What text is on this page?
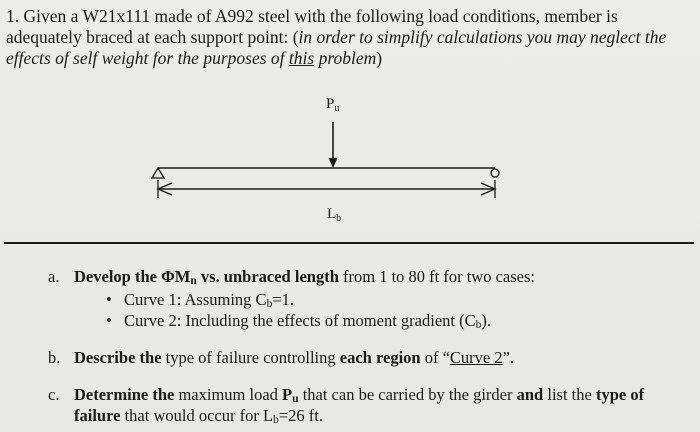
1. Given a W21x111 made of A992 steel with the following load conditions, member is adequately braced at each support point: (in order to simplify calculations you may neglect the effects of self weight for the purposes of this problem)
$P_u$
$L_b$
a. Develop the $\Phi M_n$ vs. unbraced length from 1 to 80 ft for two cases:
• Curve 1: Assuming $C_b=1$.
• Curve 2: Including the effects of moment gradient $(C_b)$.
b. Describe the type of failure controlling each region of “Curve 2”.
c. Determine the maximum load $P_u$ that can be carried by the girder and list the type of failure that would occur for $L_b=26$ ft.
